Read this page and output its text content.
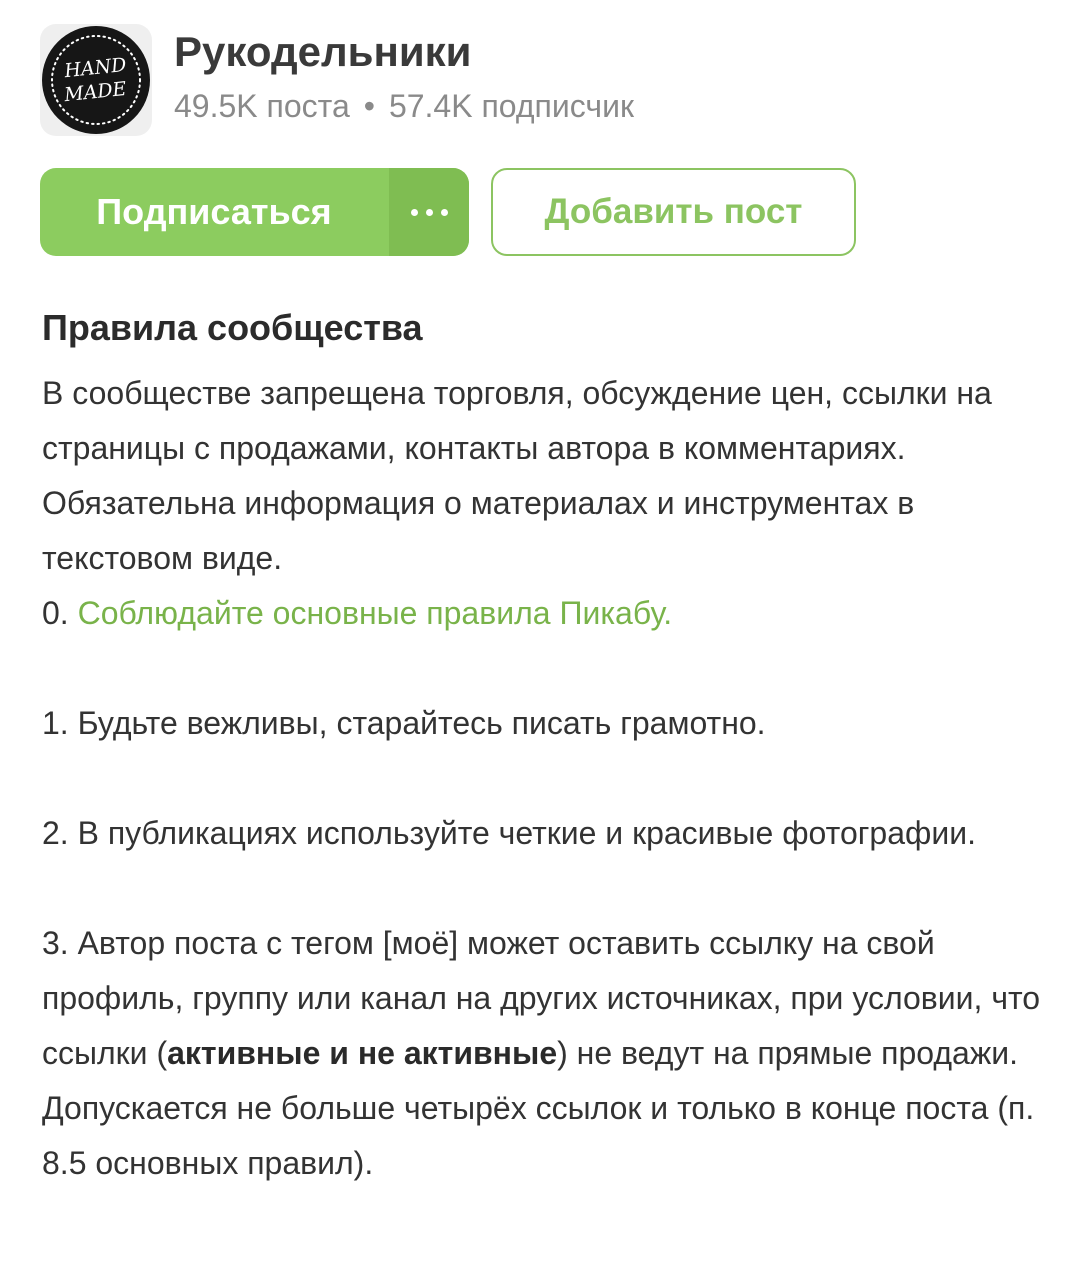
HAND
MADE
Рукодельники
49.5K поста • 57.4K подписчик
Подписаться	Добавить пост
Правила сообщества

В сообществе запрещена торговля, обсуждение цен, ссылки на страницы с продажами, контакты автора в комментариях. Обязательна информация о материалах и инструментах в текстовом виде.

0. Соблюдайте основные правила Пикабу.

1. Будьте вежливы, старайтесь писать грамотно.

2. В публикациях используйте четкие и красивые фотографии.

3. Автор поста с тегом [моё] может оставить ссылку на свой профиль, группу или канал на других источниках, при условии, что ссылки (активные и не активные) не ведут на прямые продажи. Допускается не больше четырёх ссылок и только в конце поста (п. 8.5 основных правил).
